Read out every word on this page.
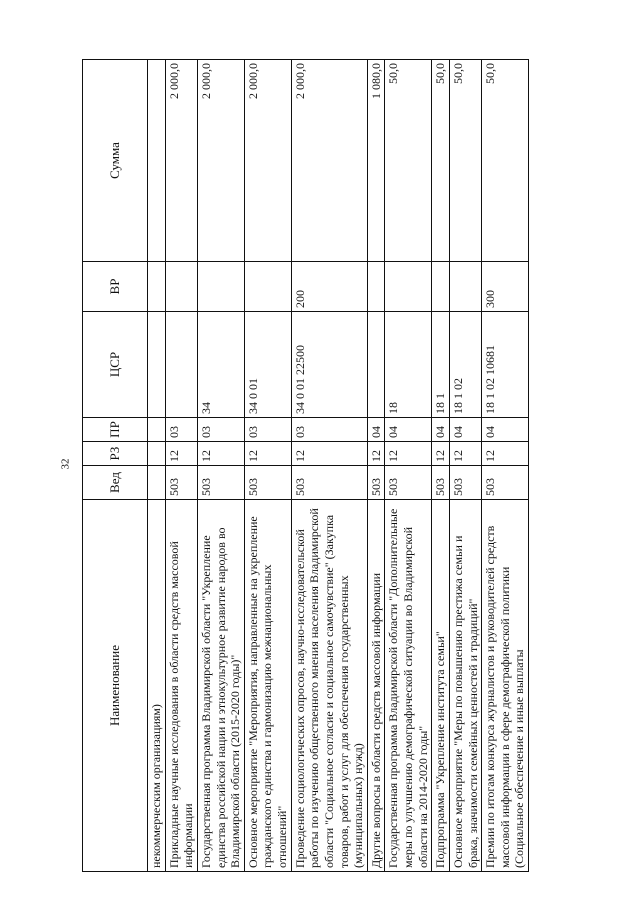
32
Наименование	Вед	РЗ	ПР	ЦСР	ВР	Сумма
некоммерческим организациям)						
Прикладные научные исследования в области средств массовой информации	503	12	03			2 000,0
Государственная программа Владимирской области "Укрепление единства российской нации и этнокультурное развитие народов во Владимирской области (2015-2020 годы)"	503	12	03	34		2 000,0
Основное мероприятие "Мероприятия, направленные на укрепление гражданского единства и гармонизацию межнациональных отношений"	503	12	03	34 0 01		2 000,0
Проведение социологических опросов, научно-исследовательской работы по изучению общественного мнения населения Владимирской области "Социальное согласие и социальное самочувствие" (Закупка товаров, работ и услуг для обеспечения государственных (муниципальных) нужд)	503	12	03	34 0 01 22500	200	2 000,0
Другие вопросы в области средств массовой информации	503	12	04			1 080,0
Государственная программа Владимирской области "Дополнительные меры по улучшению демографической ситуации во Владимирской области на 2014-2020 годы"	503	12	04	18		50,0
Подпрограмма "Укрепление института семьи"	503	12	04	18 1		50,0
Основное мероприятие "Меры по повышению престижа семьи и брака, значимости семейных ценностей и традиций"	503	12	04	18 1 02		50,0
Премии по итогам конкурса журналистов и руководителей средств массовой информации в сфере демографической политики (Социальное обеспечение и иные выплаты	503	12	04	18 1 02 10681	300	50,0
